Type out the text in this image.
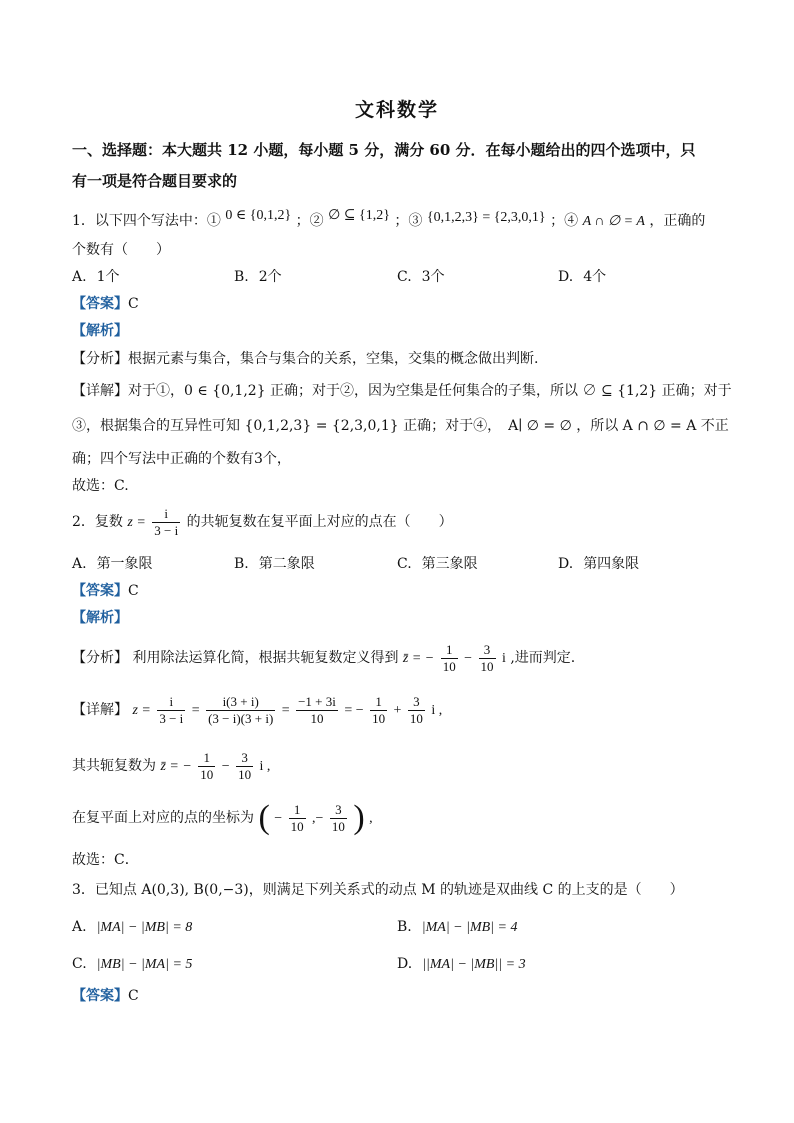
文科数学
一、选择题：本大题共 12 小题，每小题 5 分，满分 60 分．在每小题给出的四个选项中，只
有一项是符合题目要求的
1．以下四个写法中：① 0 ∈ {0,1,2} ；② ∅ ⊆ {1,2} ；③ {0,1,2,3} = {2,3,0,1} ；④ A ∩ ∅ = A ，正确的
个数有（　　）
A. 1个	B. 2个	C. 3个	D. 4个
【答案】C
【解析】
【分析】根据元素与集合，集合与集合的关系，空集，交集的概念做出判断.
【详解】对于①，0 ∈ {0,1,2} 正确；对于②，因为空集是任何集合的子集，所以 ∅ ⊆ {1,2} 正确；对于
③，根据集合的互异性可知 {0,1,2,3} = {2,3,0,1} 正确；对于④，　A∣ ∅ = ∅ ，所以 A ∩ ∅ = A 不正
确；四个写法中正确的个数有3个，
故选：C.
2．复数 $z = \frac{i}{3 - i}$ 的共轭复数在复平面上对应的点在（　　）
A. 第一象限	B. 第二象限	C. 第三象限	D. 第四象限
【答案】C
【解析】
【分析】 利用除法运算化简，根据共轭复数定义得到 z̄ = − $\frac{1}{10} - \frac{3}{10}$ i ,进而判定.
【详解】 $z = \frac{i}{3 - i} = \frac{i(3 + i)}{(3 - i)(3 + i)} = \frac{-1 + 3i}{10}$ = − $\frac{1}{10} + \frac{3}{10}$ i ,
其共轭复数为 z̄ = − $\frac{1}{10} - \frac{3}{10}$ i ,
在复平面上对应的点的坐标为 ( − $\frac{1}{10}$ ,− $\frac{3}{10}$ ) ,
故选：C．
3．已知点 A(0,3), B(0,−3)，则满足下列关系式的动点 M 的轨迹是双曲线 C 的上支的是（　　）
A. |MA| − |MB| = 8	B. |MA| − |MB| = 4
C. |MB| − |MA| = 5	D. ||MA| − |MB|| = 3
【答案】C
